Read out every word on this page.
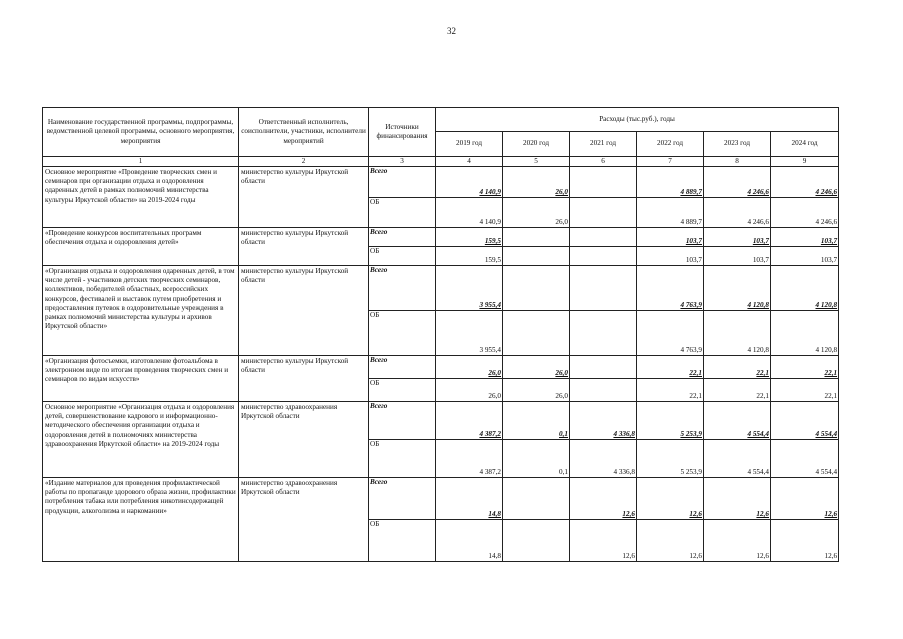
32
Наименование государственной программы, подпрограммы, ведомственной целевой программы, основного мероприятия, мероприятия	Ответственный исполнитель, соисполнители, участники, исполнители мероприятий	Источники финансирования	Расходы (тыс.руб.), годы					
			2019 год	2020 год	2021 год	2022 год	2023 год	2024 год
1	2	3	4	5	6	7	8	9
Основное мероприятие «Проведение творческих смен и семинаров при организации отдыха и оздоровления одаренных детей в рамках полномочий министерства культуры Иркутской области» на 2019-2024 годы	министерство культуры Иркутской области	Всего	4 140,9	26,0		4 889,7	4 246,6	4 246,6
		ОБ	4 140,9	26,0		4 889,7	4 246,6	4 246,6
«Проведение конкурсов воспитательных программ обеспечения отдыха и оздоровления детей»	министерство культуры Иркутской области	Всего	159,5			103,7	103,7	103,7
		ОБ	159,5			103,7	103,7	103,7
«Организация отдыха и оздоровления одаренных детей, в том числе детей - участников детских творческих семинаров, коллективов, победителей областных, всероссийских конкурсов, фестивалей и выставок путем приобретения и предоставления путевок в оздоровительные учреждения в рамках полномочий министерства культуры и архивов Иркутской области»	министерство культуры Иркутской области	Всего	3 955,4			4 763,9	4 120,8	4 120,8
		ОБ	3 955,4			4 763,9	4 120,8	4 120,8
«Организация фотосъемки, изготовление фотоальбома в электронном виде по итогам проведения творческих смен и семинаров по видам искусств»	министерство культуры Иркутской области	Всего	26,0	26,0		22,1	22,1	22,1
		ОБ	26,0	26,0		22,1	22,1	22,1
Основное мероприятие «Организация отдыха и оздоровления детей, совершенствование кадрового и информационно-методического обеспечения организации отдыха и оздоровления детей в полномочиях министерства здравоохранения Иркутской области» на 2019-2024 годы	министерство здравоохранения Иркутской области	Всего	4 387,2	0,1	4 336,8	5 253,9	4 554,4	4 554,4
		ОБ	4 387,2	0,1	4 336,8	5 253,9	4 554,4	4 554,4
«Издание материалов для проведения профилактической работы по пропаганде здорового образа жизни, профилактики потребления табака или потребления никотинсодержащей продукции, алкоголизма и наркомании»	министерство здравоохранения Иркутской области	Всего	14,8		12,6	12,6	12,6	12,6
		ОБ	14,8		12,6	12,6	12,6	12,6
